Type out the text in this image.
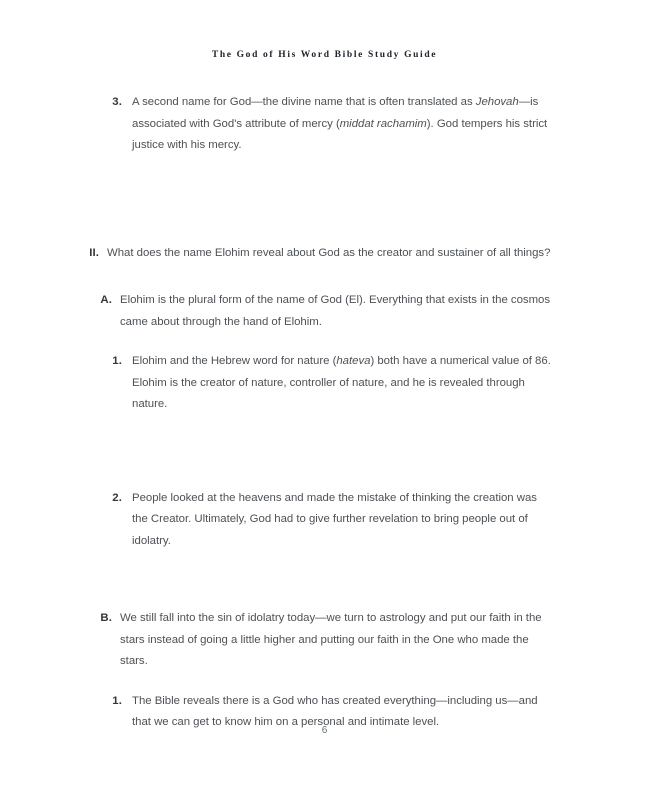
The God of His Word Bible Study Guide
3. A second name for God—the divine name that is often translated as Jehovah—is associated with God's attribute of mercy (middat rachamim). God tempers his strict justice with his mercy.
II. What does the name Elohim reveal about God as the creator and sustainer of all things?
A. Elohim is the plural form of the name of God (El). Everything that exists in the cosmos came about through the hand of Elohim.
1. Elohim and the Hebrew word for nature (hateva) both have a numerical value of 86. Elohim is the creator of nature, controller of nature, and he is revealed through nature.
2. People looked at the heavens and made the mistake of thinking the creation was the Creator. Ultimately, God had to give further revelation to bring people out of idolatry.
B. We still fall into the sin of idolatry today—we turn to astrology and put our faith in the stars instead of going a little higher and putting our faith in the One who made the stars.
1. The Bible reveals there is a God who has created everything—including us—and that we can get to know him on a personal and intimate level.
6
